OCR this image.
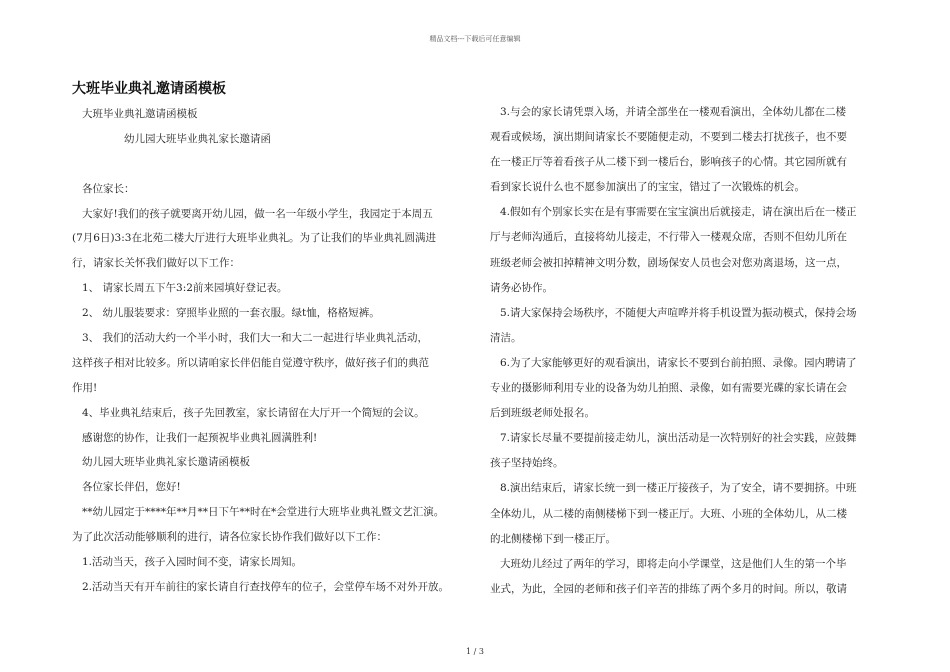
精品文档---下载后可任意编辑
大班毕业典礼邀请函模板

大班毕业典礼邀请函模板

幼儿园大班毕业典礼家长邀请函

各位家长：

大家好!我们的孩子就要离开幼儿园，做一名一年级小学生，我园定于本周五

(7月6日)3:3在北苑二楼大厅进行大班毕业典礼。为了让我们的毕业典礼圆满进

行，请家长关怀我们做好以下工作：

1、 请家长周五下午3:2前来园填好登记表。

2、 幼儿服装要求：穿照毕业照的一套衣服。绿t恤，格格短裤。

3、 我们的活动大约一个半小时，我们大一和大二一起进行毕业典礼活动，

这样孩子相对比较多。所以请咱家长伴侣能自觉遵守秩序，做好孩子们的典范

作用!

4、毕业典礼结束后，孩子先回教室，家长请留在大厅开一个简短的会议。

感谢您的协作，让我们一起预祝毕业典礼圆满胜利!

幼儿园大班毕业典礼家长邀请函模板

各位家长伴侣，您好!

**幼儿园定于****年**月**日下午**时在*会堂进行大班毕业典礼暨文艺汇演。

为了此次活动能够顺利的进行，请各位家长协作我们做好以下工作：

1.活动当天，孩子入园时间不变，请家长周知。

2.活动当天有开车前往的家长请自行查找停车的位子，会堂停车场不对外开放。

3.与会的家长请凭票入场，并请全部坐在一楼观看演出，全体幼儿都在二楼

观看或候场，演出期间请家长不要随便走动，不要到二楼去打扰孩子，也不要

在一楼正厅等着看孩子从二楼下到一楼后台，影响孩子的心情。其它园所就有

看到家长说什么也不愿参加演出了的宝宝，错过了一次锻炼的机会。

4.假如有个别家长实在是有事需要在宝宝演出后就接走，请在演出后在一楼正

厅与老师沟通后，直接将幼儿接走，不行带入一楼观众席，否则不但幼儿所在

班级老师会被扣掉精神文明分数，剧场保安人员也会对您劝离退场，这一点，

请务必协作。

5.请大家保持会场秩序，不随便大声喧哗并将手机设置为振动模式，保持会场

清洁。

6.为了大家能够更好的观看演出，请家长不要到台前拍照、录像。园内聘请了

专业的摄影师利用专业的设备为幼儿拍照、录像，如有需要光碟的家长请在会

后到班级老师处报名。

7.请家长尽量不要提前接走幼儿，演出活动是一次特别好的社会实践，应鼓舞

孩子坚持始终。

8.演出结束后，请家长统一到一楼正厅接孩子，为了安全，请不要拥挤。中班

全体幼儿，从二楼的南侧楼梯下到一楼正厅。大班、小班的全体幼儿，从二楼

的北侧楼梯下到一楼正厅。

大班幼儿经过了两年的学习，即将走向小学课堂，这是他们人生的第一个毕

业式，为此，全园的老师和孩子们辛苦的排练了两个多月的时间。所以，敬请

1 / 3
